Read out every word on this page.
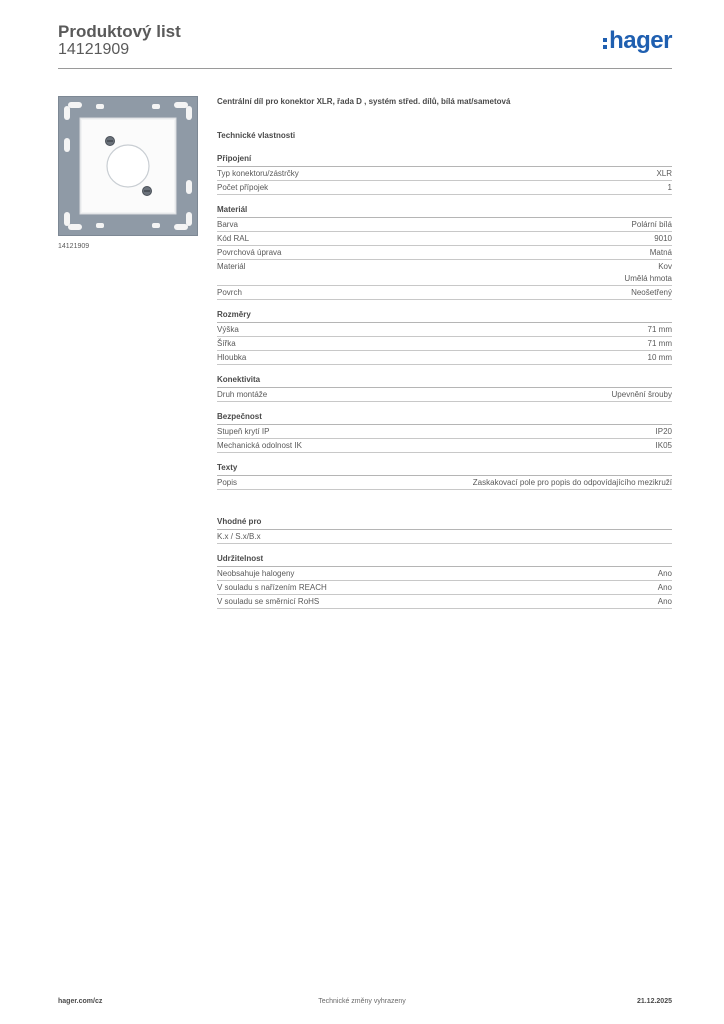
Produktový list
14121909	hager
14121909
Centrální díl pro konektor XLR, řada D , systém střed. dílů, bílá mat/sametová
Technické vlastnosti
Připojení
Typ konektoru/zástrčky	XLR
Počet přípojek	1
Materiál
Barva	Polární bílá
Kód RAL	9010
Povrchová úprava	Matná
Materiál	Kov
Umělá hmota
Povrch	Neošetřený
Rozměry
Výška	71 mm
Šířka	71 mm
Hloubka	10 mm
Konektivita
Druh montáže	Upevnění šrouby
Bezpečnost
Stupeň krytí IP	IP20
Mechanická odolnost IK	IK05
Texty
Popis	Zaskakovací pole pro popis do odpovídajícího mezikruží
Vhodné pro
K.x / S.x/B.x
Udržitelnost
Neobsahuje halogeny	Ano
V souladu s nařízením REACH	Ano
V souladu se směrnicí RoHS	Ano
hager.com/cz	Technické změny vyhrazeny	21.12.2025
